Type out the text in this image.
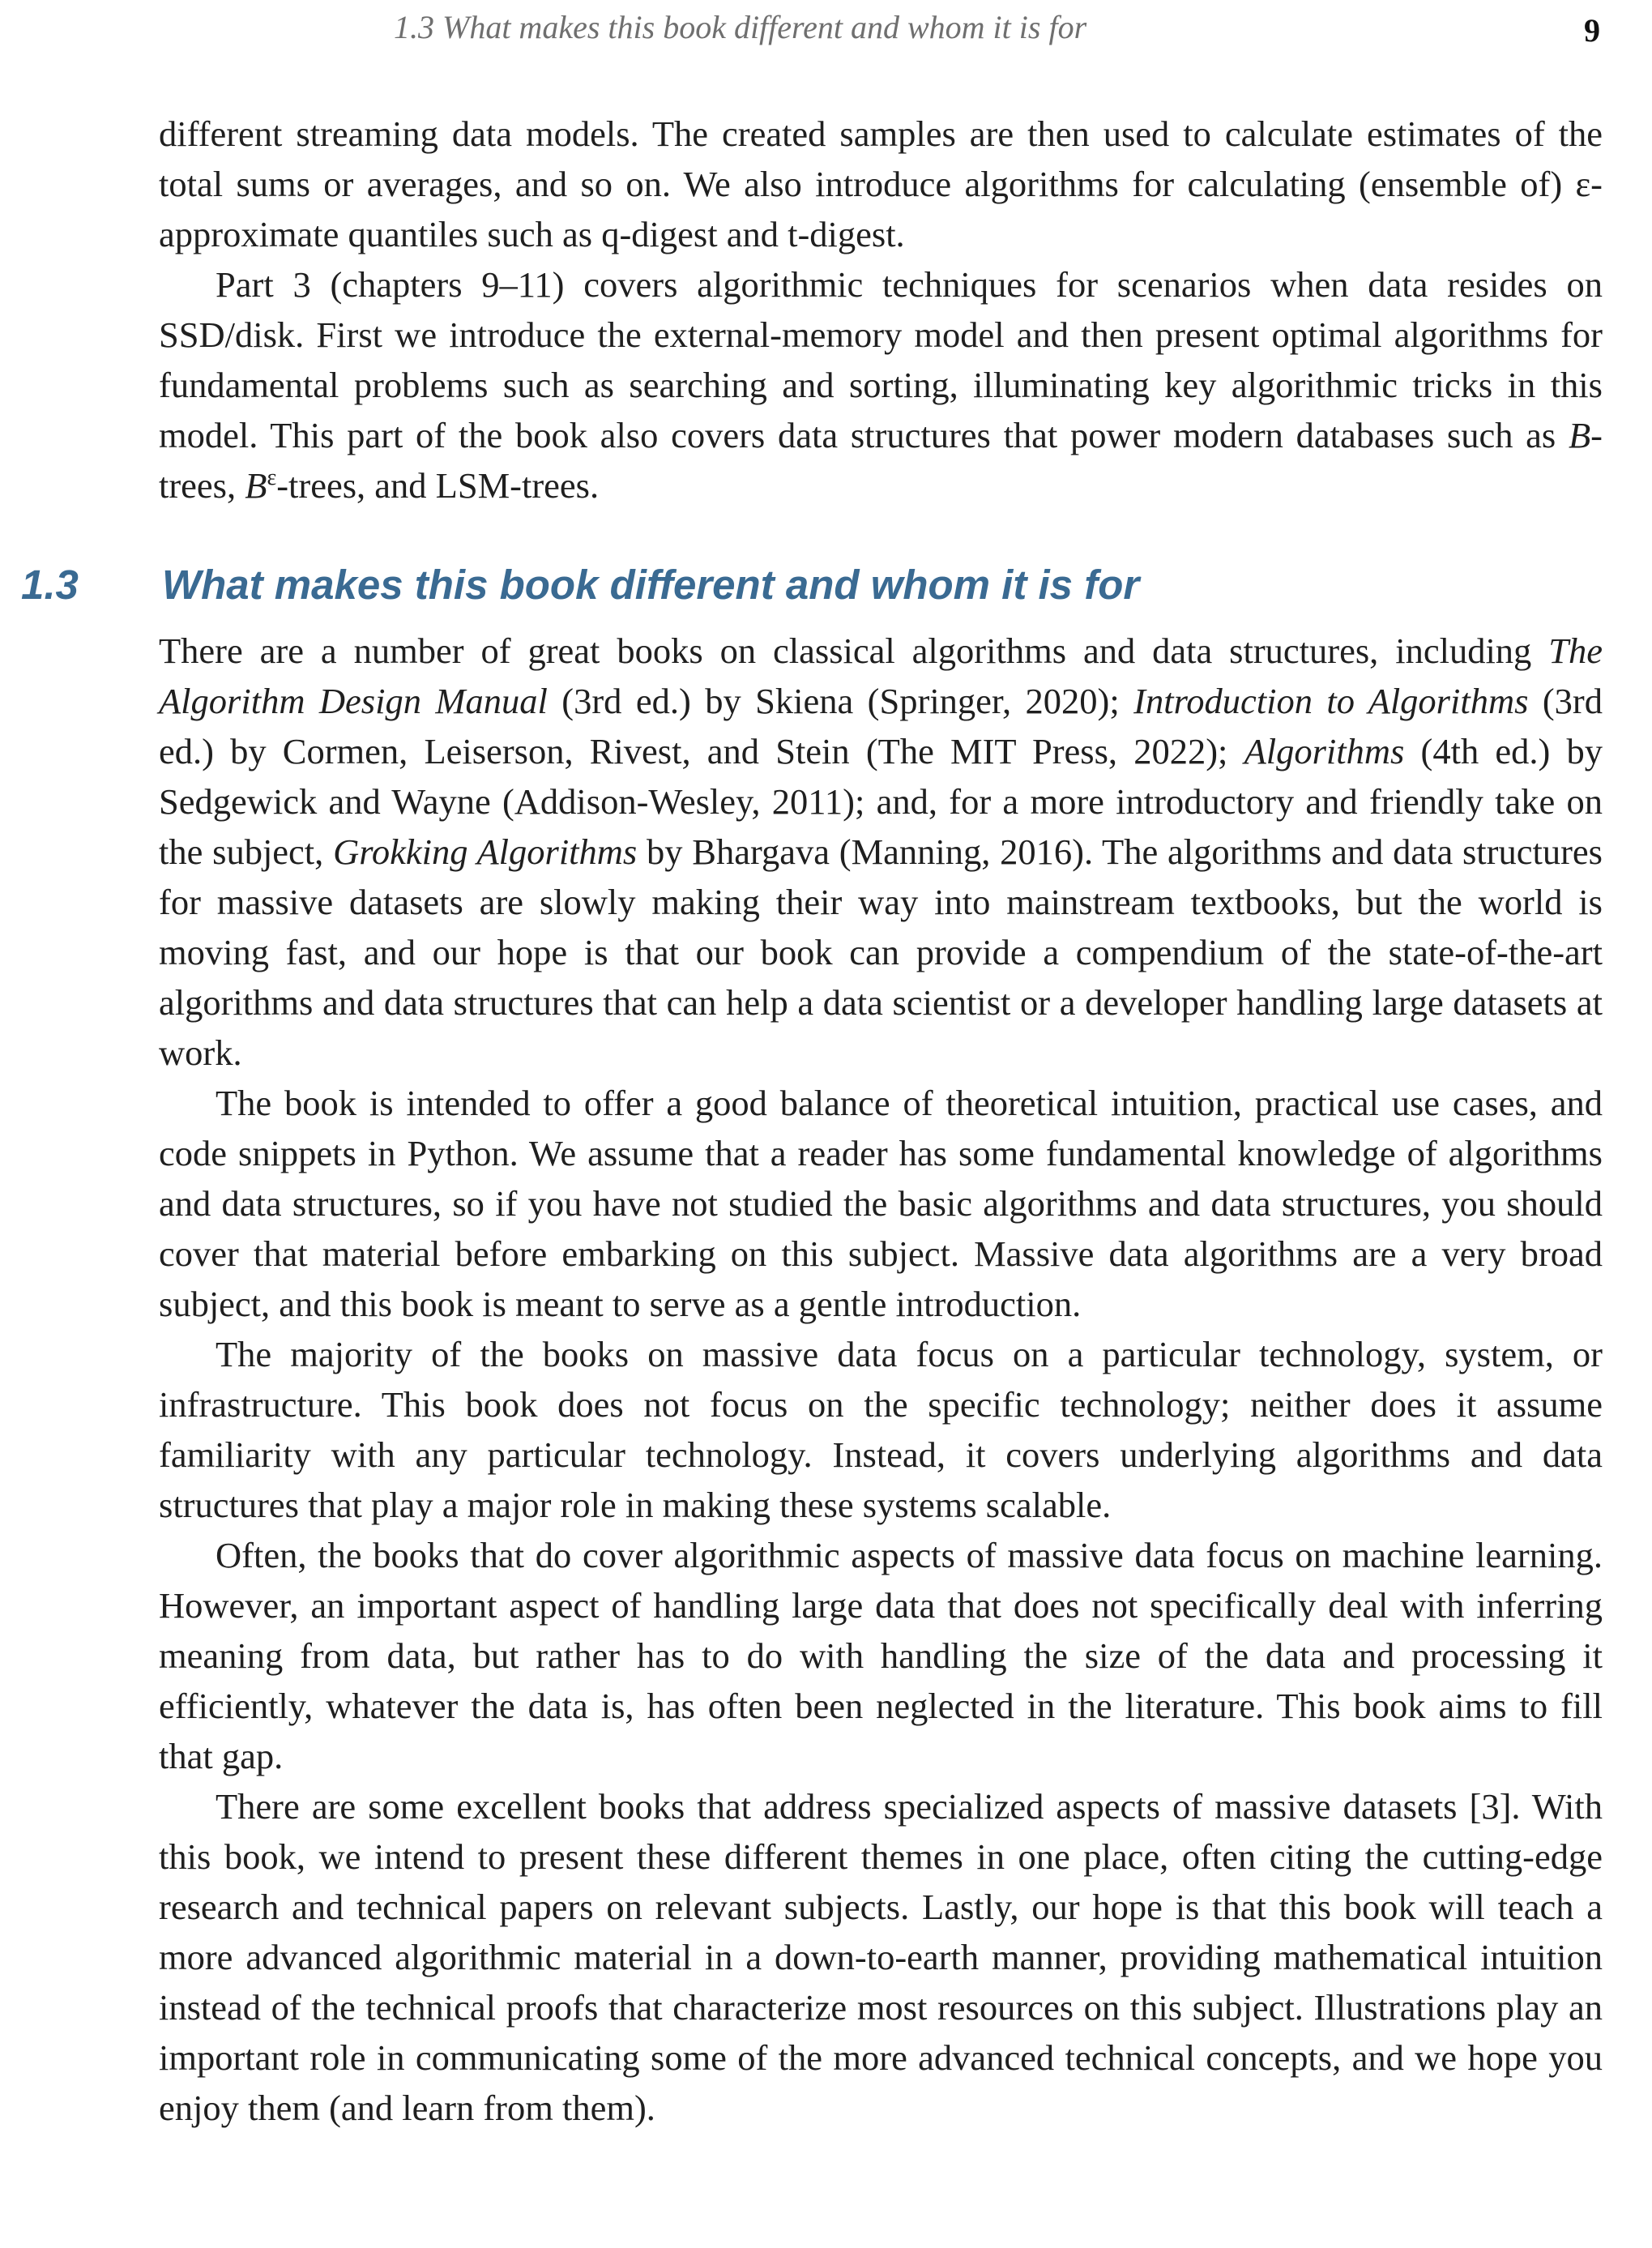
1.3 What makes this book different and whom it is for	9

different streaming data models. The created samples are then used to calculate estimates of the total sums or averages, and so on. We also introduce algorithms for calculating (ensemble of) ε-approximate quantiles such as q-digest and t-digest.

Part 3 (chapters 9–11) covers algorithmic techniques for scenarios when data resides on SSD/disk. First we introduce the external-memory model and then present optimal algorithms for fundamental problems such as searching and sorting, illuminating key algorithmic tricks in this model. This part of the book also covers data structures that power modern databases such as B-trees, $B^\varepsilon$-trees, and LSM-trees.

1.3 What makes this book different and whom it is for

There are a number of great books on classical algorithms and data structures, including The Algorithm Design Manual (3rd ed.) by Skiena (Springer, 2020); Introduction to Algorithms (3rd ed.) by Cormen, Leiserson, Rivest, and Stein (The MIT Press, 2022); Algorithms (4th ed.) by Sedgewick and Wayne (Addison-Wesley, 2011); and, for a more introductory and friendly take on the subject, Grokking Algorithms by Bhargava (Manning, 2016). The algorithms and data structures for massive datasets are slowly making their way into mainstream textbooks, but the world is moving fast, and our hope is that our book can provide a compendium of the state-of-the-art algorithms and data structures that can help a data scientist or a developer handling large datasets at work.

The book is intended to offer a good balance of theoretical intuition, practical use cases, and code snippets in Python. We assume that a reader has some fundamental knowledge of algorithms and data structures, so if you have not studied the basic algorithms and data structures, you should cover that material before embarking on this subject. Massive data algorithms are a very broad subject, and this book is meant to serve as a gentle introduction.

The majority of the books on massive data focus on a particular technology, system, or infrastructure. This book does not focus on the specific technology; neither does it assume familiarity with any particular technology. Instead, it covers underlying algorithms and data structures that play a major role in making these systems scalable.

Often, the books that do cover algorithmic aspects of massive data focus on machine learning. However, an important aspect of handling large data that does not specifically deal with inferring meaning from data, but rather has to do with handling the size of the data and processing it efficiently, whatever the data is, has often been neglected in the literature. This book aims to fill that gap.

There are some excellent books that address specialized aspects of massive datasets [3]. With this book, we intend to present these different themes in one place, often citing the cutting-edge research and technical papers on relevant subjects. Lastly, our hope is that this book will teach a more advanced algorithmic material in a down-to-earth manner, providing mathematical intuition instead of the technical proofs that characterize most resources on this subject. Illustrations play an important role in communicating some of the more advanced technical concepts, and we hope you enjoy them (and learn from them).
